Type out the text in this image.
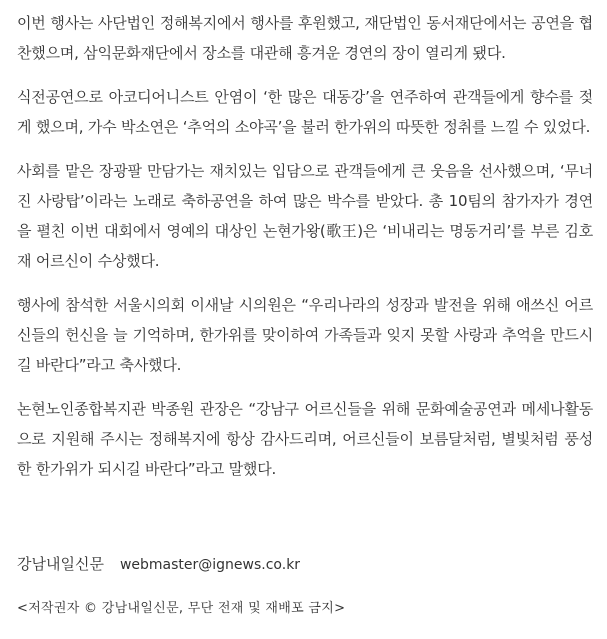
이번 행사는 사단법인 정해복지에서 행사를 후원했고, 재단법인 동서재단에서는 공연을 협찬했으며, 삼익문화재단에서 장소를 대관해 흥겨운 경연의 장이 열리게 됐다.

식전공연으로 아코디어니스트 안염이 ‘한 많은 대동강’을 연주하여 관객들에게 향수를 젖게 했으며, 가수 박소연은 ‘추억의 소야곡’을 불러 한가위의 따뜻한 정취를 느낄 수 있었다.

사회를 맡은 장광팔 만담가는 재치있는 입담으로 관객들에게 큰 웃음을 선사했으며, ‘무너진 사랑탑’이라는 노래로 축하공연을 하여 많은 박수를 받았다. 총 10팀의 참가자가 경연을 펼친 이번 대회에서 영예의 대상인 논현가왕(歌王)은 ‘비내리는 명동거리’를 부른 김호재 어르신이 수상했다.

행사에 참석한 서울시의회 이새날 시의원은 “우리나라의 성장과 발전을 위해 애쓰신 어르신들의 헌신을 늘 기억하며, 한가위를 맞이하여 가족들과 잊지 못할 사랑과 추억을 만드시길 바란다”라고 축사했다.

논현노인종합복지관 박종원 관장은 “강남구 어르신들을 위해 문화예술공연과 메세나활동으로 지원해 주시는 정해복지에 항상 감사드리며, 어르신들이 보름달처럼, 별빛처럼 풍성한 한가위가 되시길 바란다”라고 말했다.

강남내일신문 webmaster@ignews.co.kr
<저작권자 © 강남내일신문, 무단 전재 및 재배포 금지>
